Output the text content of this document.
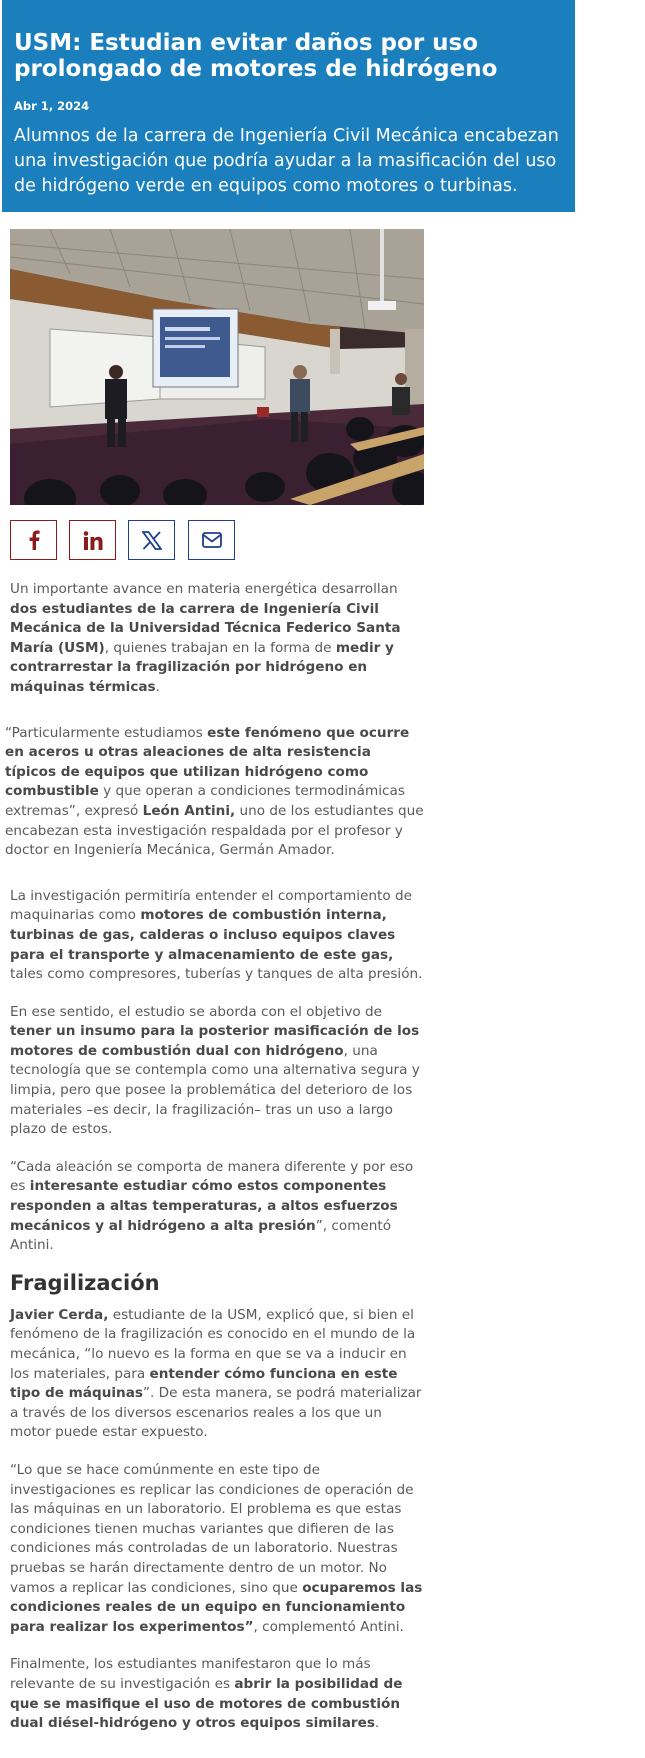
USM: Estudian evitar daños por uso prolongado de motores de hidrógeno
Abr 1, 2024
Alumnos de la carrera de Ingeniería Civil Mecánica encabezan una investigación que podría ayudar a la masificación del uso de hidrógeno verde en equipos como motores o turbinas.

Un importante avance en materia energética desarrollan dos estudiantes de la carrera de Ingeniería Civil Mecánica de la Universidad Técnica Federico Santa María (USM), quienes trabajan en la forma de medir y contrarrestar la fragilización por hidrógeno en máquinas térmicas.

“Particularmente estudiamos este fenómeno que ocurre en aceros u otras aleaciones de alta resistencia típicos de equipos que utilizan hidrógeno como combustible y que operan a condiciones termodinámicas extremas”, expresó León Antini, uno de los estudiantes que encabezan esta investigación respaldada por el profesor y doctor en Ingeniería Mecánica, Germán Amador.

La investigación permitiría entender el comportamiento de maquinarias como motores de combustión interna, turbinas de gas, calderas o incluso equipos claves para el transporte y almacenamiento de este gas, tales como compresores, tuberías y tanques de alta presión.

En ese sentido, el estudio se aborda con el objetivo de tener un insumo para la posterior masificación de los motores de combustión dual con hidrógeno, una tecnología que se contempla como una alternativa segura y limpia, pero que posee la problemática del deterioro de los materiales –es decir, la fragilización– tras un uso a largo plazo de estos.

“Cada aleación se comporta de manera diferente y por eso es interesante estudiar cómo estos componentes responden a altas temperaturas, a altos esfuerzos mecánicos y al hidrógeno a alta presión”, comentó Antini.

Fragilización

Javier Cerda, estudiante de la USM, explicó que, si bien el fenómeno de la fragilización es conocido en el mundo de la mecánica, “lo nuevo es la forma en que se va a inducir en los materiales, para entender cómo funciona en este tipo de máquinas”. De esta manera, se podrá materializar a través de los diversos escenarios reales a los que un motor puede estar expuesto.

“Lo que se hace comúnmente en este tipo de investigaciones es replicar las condiciones de operación de las máquinas en un laboratorio. El problema es que estas condiciones tienen muchas variantes que difieren de las condiciones más controladas de un laboratorio. Nuestras pruebas se harán directamente dentro de un motor. No vamos a replicar las condiciones, sino que ocuparemos las condiciones reales de un equipo en funcionamiento para realizar los experimentos”, complementó Antini.

Finalmente, los estudiantes manifestaron que lo más relevante de su investigación es abrir la posibilidad de que se masifique el uso de motores de combustión dual diésel-hidrógeno y otros equipos similares.
